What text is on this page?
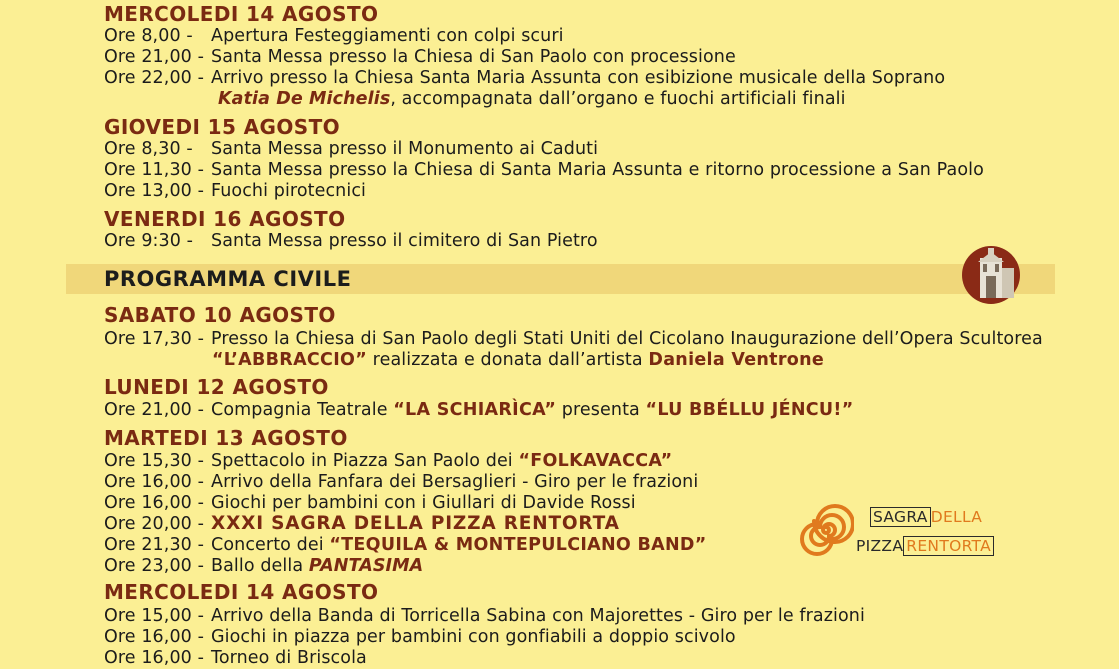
MERCOLEDI 14 AGOSTO
Ore 8,00 - Apertura Festeggiamenti con colpi scuri
Ore 21,00 - Santa Messa presso la Chiesa di San Paolo con processione
Ore 22,00 - Arrivo presso la Chiesa Santa Maria Assunta con esibizione musicale della Soprano
Katia De Michelis, accompagnata dall’organo e fuochi artificiali finali
GIOVEDI 15 AGOSTO
Ore 8,30 - Santa Messa presso il Monumento ai Caduti
Ore 11,30 - Santa Messa presso la Chiesa di Santa Maria Assunta e ritorno processione a San Paolo
Ore 13,00 - Fuochi pirotecnici
VENERDI 16 AGOSTO
Ore 9:30 - Santa Messa presso il cimitero di San Pietro
PROGRAMMA CIVILE
SABATO 10 AGOSTO
Ore 17,30 - Presso la Chiesa di San Paolo degli Stati Uniti del Cicolano Inaugurazione dell’Opera Scultorea
“L’ABBRACCIO” realizzata e donata dall’artista Daniela Ventrone
LUNEDI 12 AGOSTO
Ore 21,00 - Compagnia Teatrale “LA SCHIARÌCA” presenta “LU BBÉLLU JÉNCU!”
MARTEDI 13 AGOSTO
Ore 15,30 - Spettacolo in Piazza San Paolo dei “FOLKAVACCA”
Ore 16,00 - Arrivo della Fanfara dei Bersaglieri - Giro per le frazioni
Ore 16,00 - Giochi per bambini con i Giullari di Davide Rossi
Ore 20,00 - XXXI SAGRA DELLA PIZZA RENTORTA
Ore 21,30 - Concerto dei “TEQUILA & MONTEPULCIANO BAND”
Ore 23,00 - Ballo della PANTASIMA
SAGRA DELLA
PIZZA RENTORTA
MERCOLEDI 14 AGOSTO
Ore 15,00 - Arrivo della Banda di Torricella Sabina con Majorettes - Giro per le frazioni
Ore 16,00 - Giochi in piazza per bambini con gonfiabili a doppio scivolo
Ore 16,00 - Torneo di Briscola
